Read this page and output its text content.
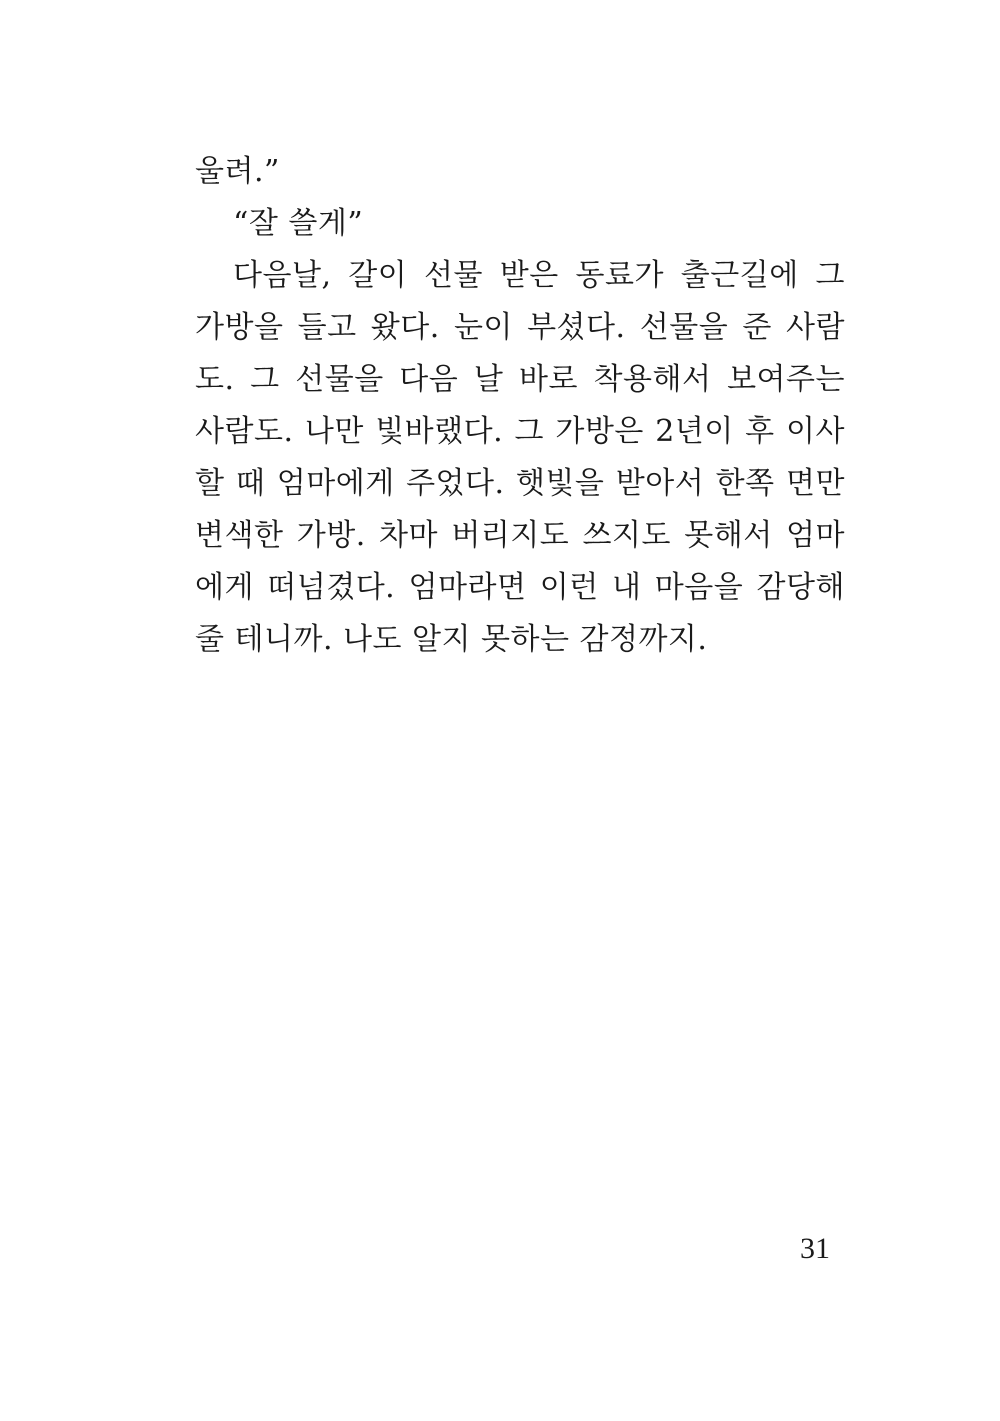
울려.”
“잘 쓸게”
다음날, 갈이 선물 받은 동료가 출근길에 그
가방을 들고 왔다. 눈이 부셨다. 선물을 준 사람
도. 그 선물을 다음 날 바로 착용해서 보여주는
사람도. 나만 빛바랬다. 그 가방은 2년이 후 이사
할 때 엄마에게 주었다. 햇빛을 받아서 한쪽 면만
변색한 가방. 차마 버리지도 쓰지도 못해서 엄마
에게 떠넘겼다. 엄마라면 이런 내 마음을 감당해
줄 테니까. 나도 알지 못하는 감정까지.
31
